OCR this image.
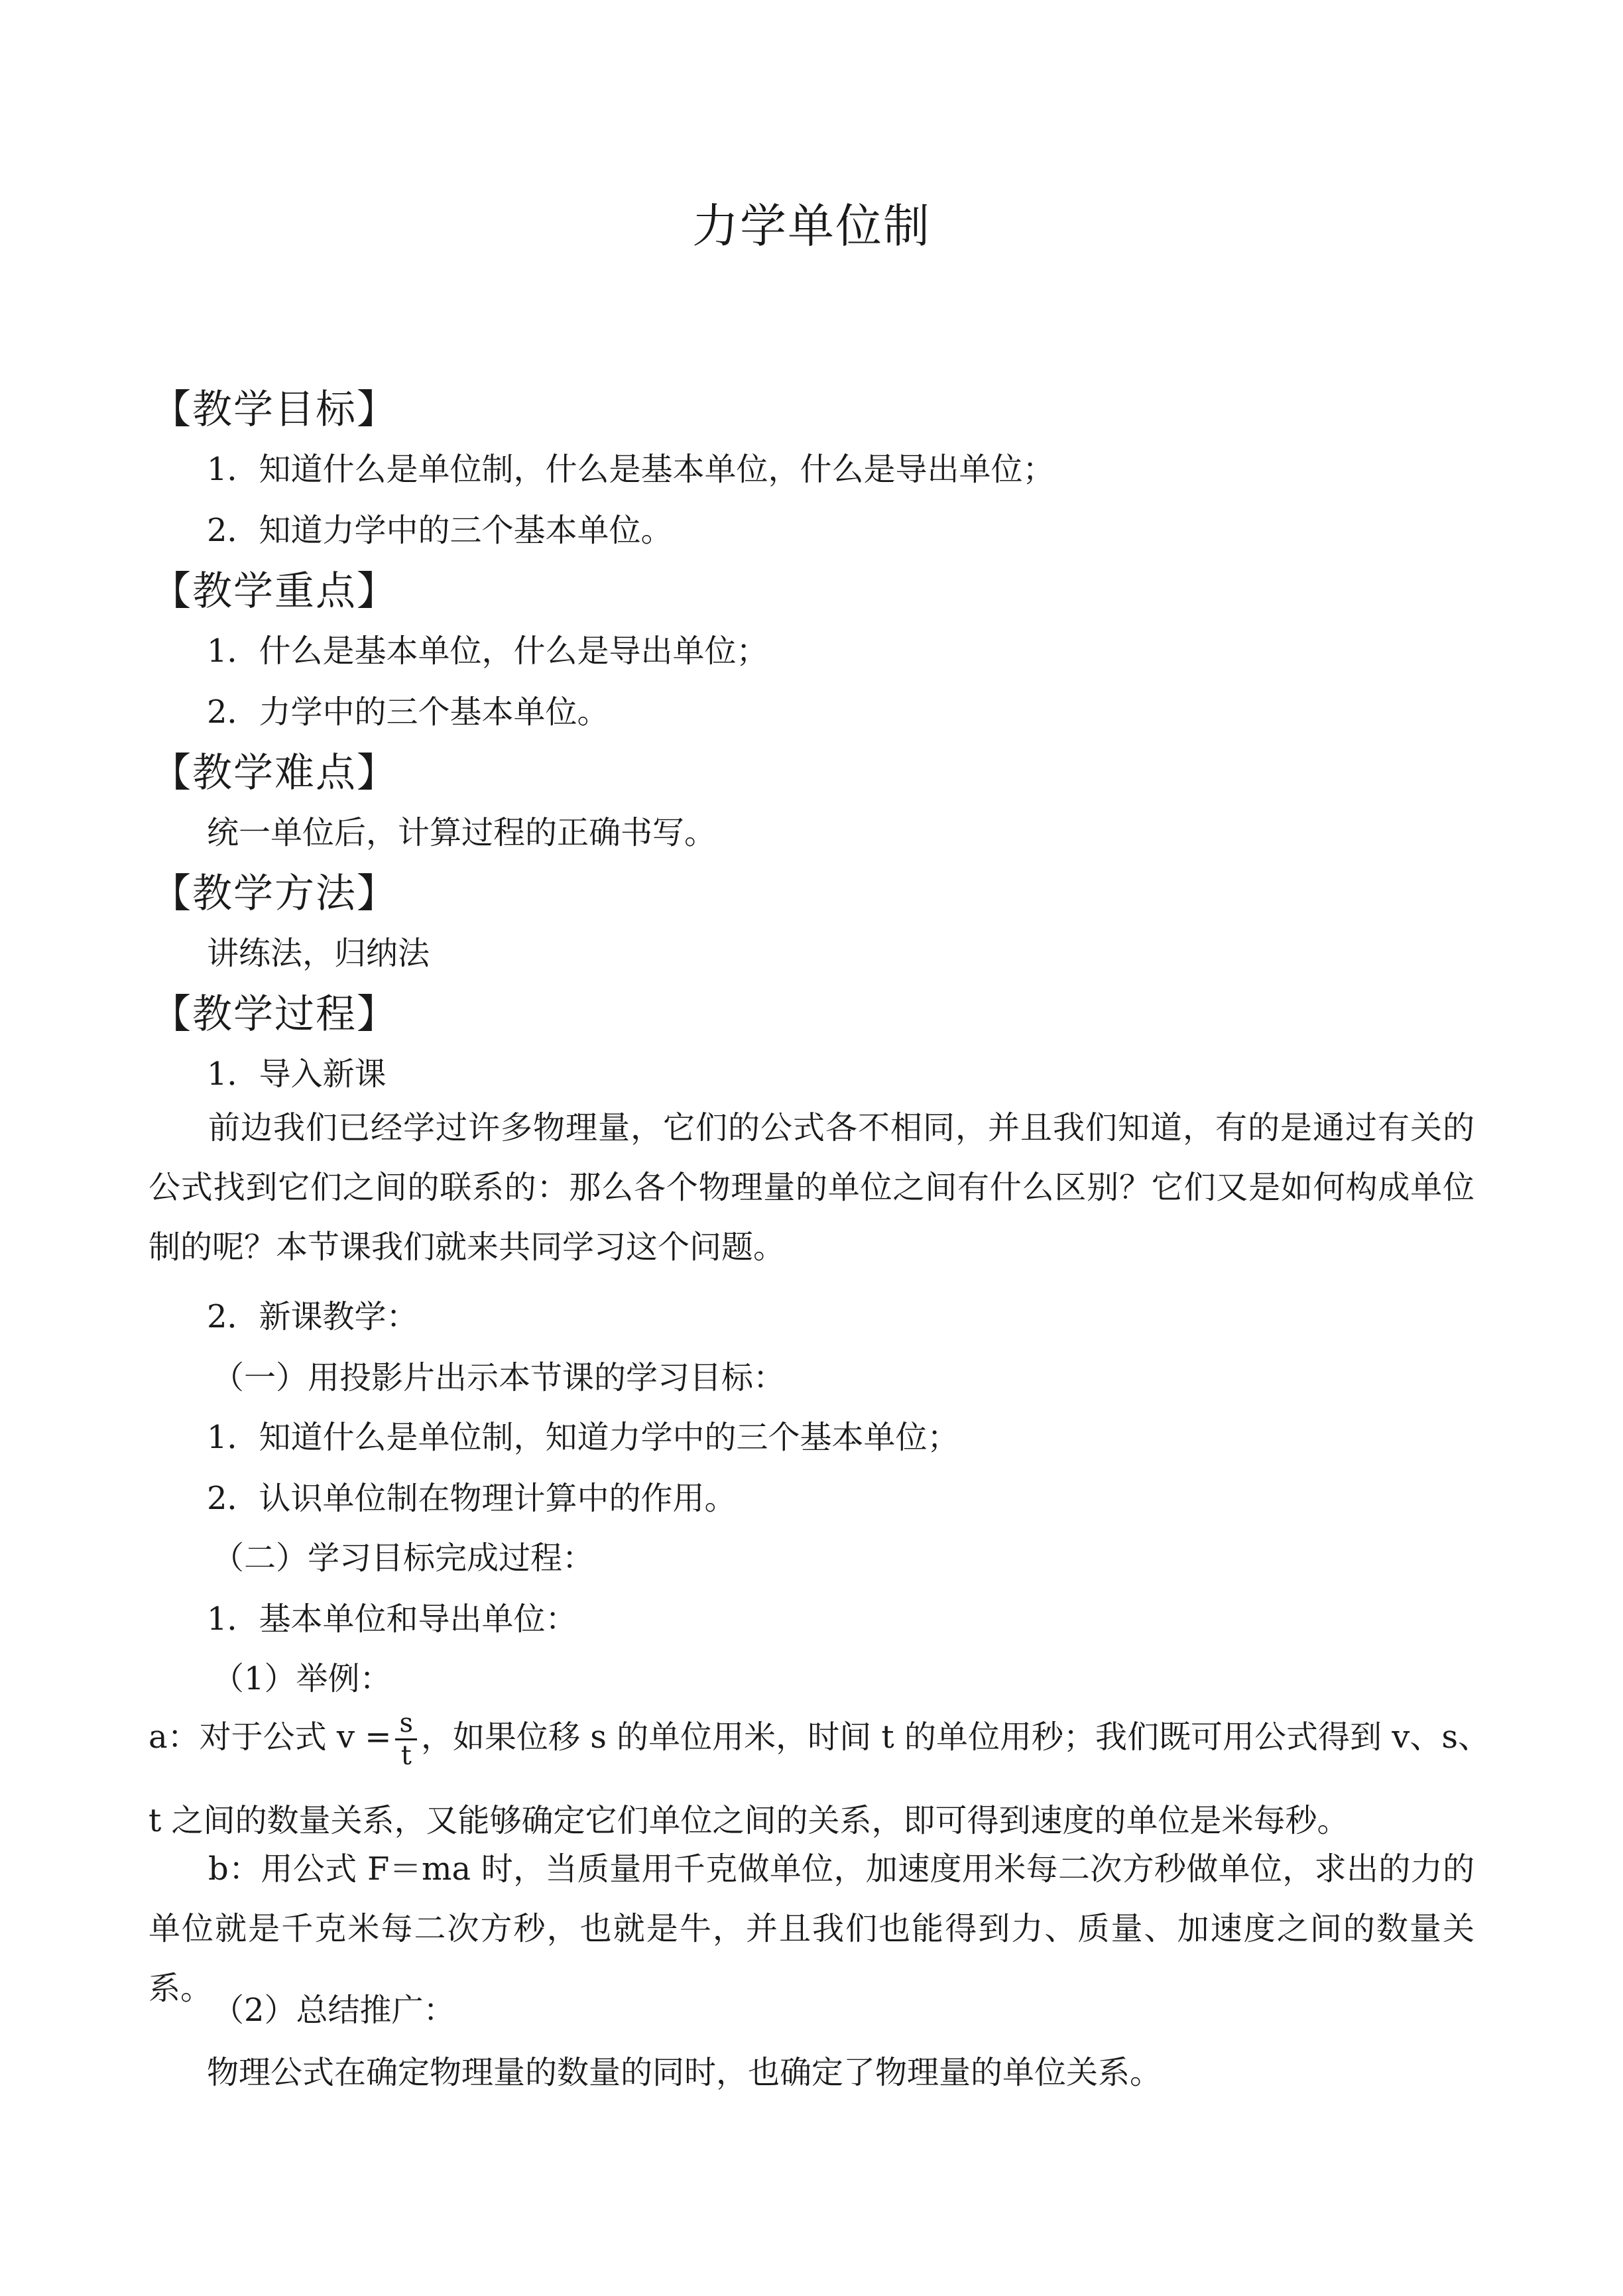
力学单位制
【教学目标】
1．知道什么是单位制，什么是基本单位，什么是导出单位；
2．知道力学中的三个基本单位。
【教学重点】
1．什么是基本单位，什么是导出单位；
2．力学中的三个基本单位。
【教学难点】
统一单位后，计算过程的正确书写。
【教学方法】
讲练法，归纳法
【教学过程】
1．导入新课
前边我们已经学过许多物理量，它们的公式各不相同，并且我们知道，有的是通过有关的公式找到它们之间的联系的：那么各个物理量的单位之间有什么区别？它们又是如何构成单位制的呢？本节课我们就来共同学习这个问题。
2．新课教学：
（一）用投影片出示本节课的学习目标：
1．知道什么是单位制，知道力学中的三个基本单位；
2．认识单位制在物理计算中的作用。
（二）学习目标完成过程：
1．基本单位和导出单位：
（1）举例：
a：对于公式 $v = \frac{s}{t}$ ，如果位移 s 的单位用米，时间 t 的单位用秒；我们既可用公式得到 v、s、
t 之间的数量关系，又能够确定它们单位之间的关系，即可得到速度的单位是米每秒。
b：用公式 F＝ma 时，当质量用千克做单位，加速度用米每二次方秒做单位，求出的力的单位就是千克米每二次方秒，也就是牛，并且我们也能得到力、质量、加速度之间的数量关系。
（2）总结推广：
物理公式在确定物理量的数量的同时，也确定了物理量的单位关系。
